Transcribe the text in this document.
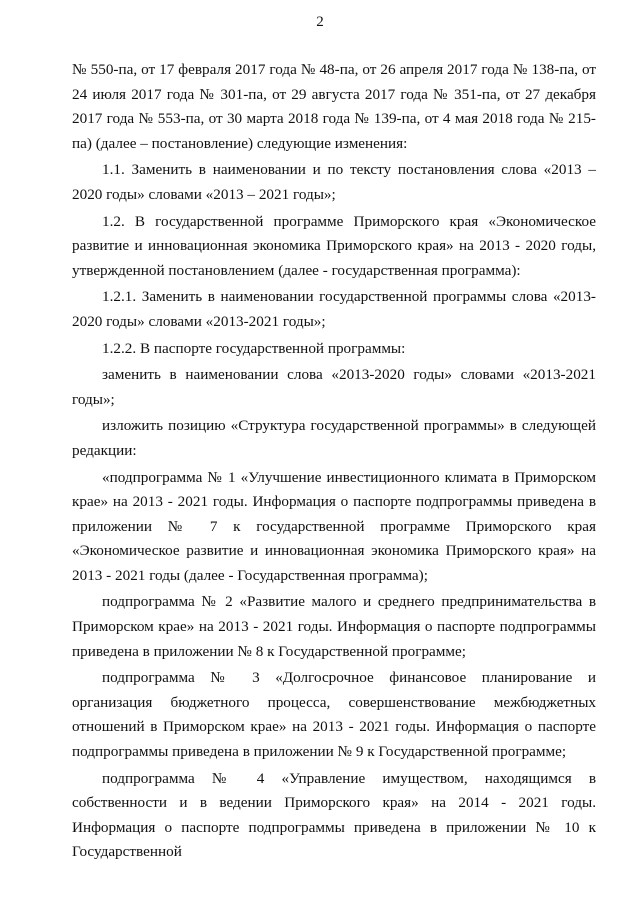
2

№ 550-па, от 17 февраля 2017 года № 48-па, от 26 апреля 2017 года № 138-па, от 24 июля 2017 года № 301-па, от 29 августа 2017 года № 351-па, от 27 декабря 2017 года № 553-па, от 30 марта 2018 года № 139-па, от 4 мая 2018 года № 215-па) (далее – постановление) следующие изменения:

1.1. Заменить в наименовании и по тексту постановления слова «2013 – 2020 годы» словами «2013 – 2021 годы»;

1.2. В государственной программе Приморского края «Экономическое развитие и инновационная экономика Приморского края» на 2013 - 2020 годы, утвержденной постановлением (далее - государственная программа):

1.2.1. Заменить в наименовании государственной программы слова «2013-2020 годы» словами «2013-2021 годы»;

1.2.2. В паспорте государственной программы:

заменить в наименовании слова «2013-2020 годы» словами «2013-2021 годы»;

изложить позицию «Структура государственной программы» в следующей редакции:

«подпрограмма № 1 «Улучшение инвестиционного климата в Приморском крае» на 2013 - 2021 годы. Информация о паспорте подпрограммы приведена в приложении № 7 к государственной программе Приморского края «Экономическое развитие и инновационная экономика Приморского края» на 2013 - 2021 годы (далее - Государственная программа);

подпрограмма № 2 «Развитие малого и среднего предпринимательства в Приморском крае» на 2013 - 2021 годы. Информация о паспорте подпрограммы приведена в приложении № 8 к Государственной программе;

подпрограмма № 3 «Долгосрочное финансовое планирование и организация бюджетного процесса, совершенствование межбюджетных отношений в Приморском крае» на 2013 - 2021 годы. Информация о паспорте подпрограммы приведена в приложении № 9 к Государственной программе;

подпрограмма № 4 «Управление имуществом, находящимся в собственности и в ведении Приморского края» на 2014 - 2021 годы. Информация о паспорте подпрограммы приведена в приложении № 10 к Государственной
